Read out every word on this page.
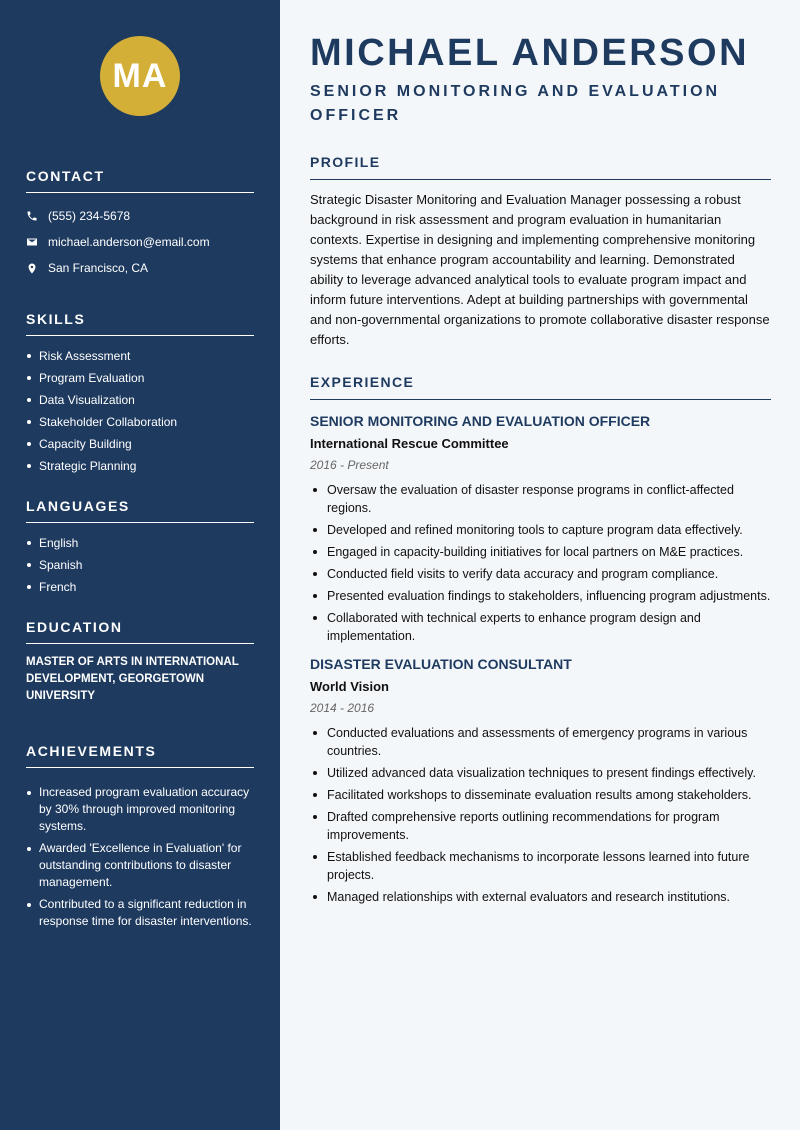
MA
CONTACT
(555) 234-5678
michael.anderson@email.com
San Francisco, CA
SKILLS
Risk Assessment
Program Evaluation
Data Visualization
Stakeholder Collaboration
Capacity Building
Strategic Planning
LANGUAGES
English
Spanish
French
EDUCATION

MASTER OF ARTS IN INTERNATIONAL DEVELOPMENT, GEORGETOWN UNIVERSITY

ACHIEVEMENTS
Increased program evaluation accuracy by 30% through improved monitoring systems.
Awarded 'Excellence in Evaluation' for outstanding contributions to disaster management.
Contributed to a significant reduction in response time for disaster interventions.
MICHAEL ANDERSON
SENIOR MONITORING AND EVALUATION OFFICER
PROFILE

Strategic Disaster Monitoring and Evaluation Manager possessing a robust background in risk assessment and program evaluation in humanitarian contexts. Expertise in designing and implementing comprehensive monitoring systems that enhance program accountability and learning. Demonstrated ability to leverage advanced analytical tools to evaluate program impact and inform future interventions. Adept at building partnerships with governmental and non-governmental organizations to promote collaborative disaster response efforts.

EXPERIENCE
SENIOR MONITORING AND EVALUATION OFFICER
International Rescue Committee
2016 - Present
Oversaw the evaluation of disaster response programs in conflict-affected regions.
Developed and refined monitoring tools to capture program data effectively.
Engaged in capacity-building initiatives for local partners on M&E practices.
Conducted field visits to verify data accuracy and program compliance.
Presented evaluation findings to stakeholders, influencing program adjustments.
Collaborated with technical experts to enhance program design and implementation.
DISASTER EVALUATION CONSULTANT
World Vision
2014 - 2016
Conducted evaluations and assessments of emergency programs in various countries.
Utilized advanced data visualization techniques to present findings effectively.
Facilitated workshops to disseminate evaluation results among stakeholders.
Drafted comprehensive reports outlining recommendations for program improvements.
Established feedback mechanisms to incorporate lessons learned into future projects.
Managed relationships with external evaluators and research institutions.
